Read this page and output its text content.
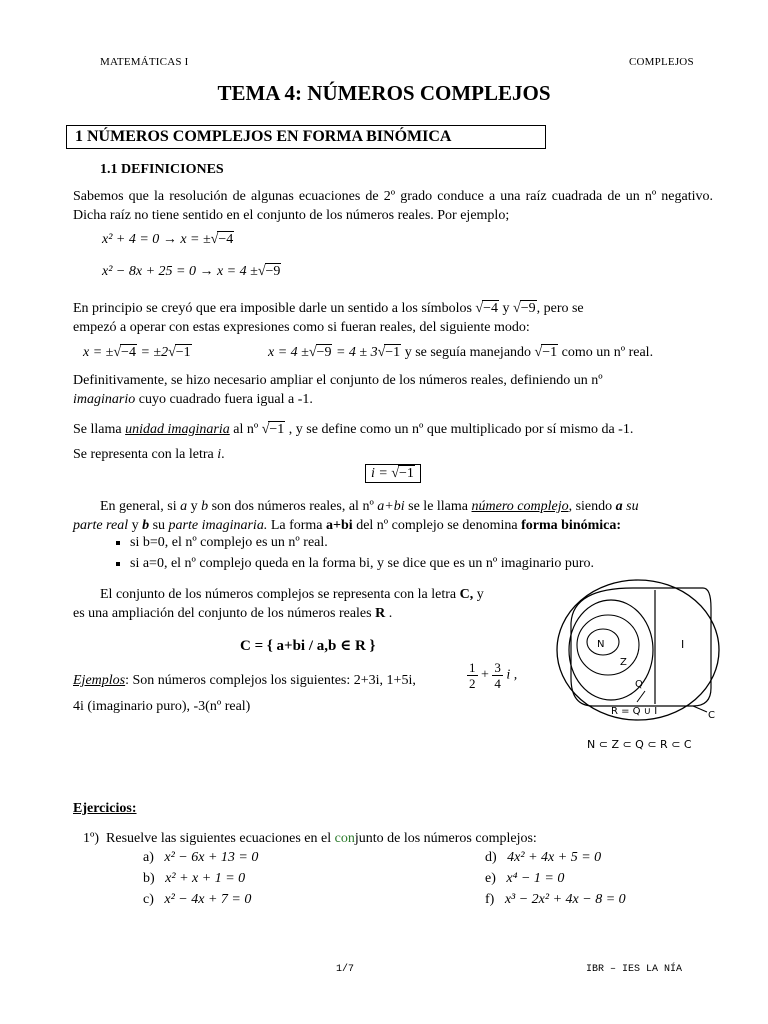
MATEMÁTICAS I	COMPLEJOS
TEMA 4: NÚMEROS COMPLEJOS
1 NÚMEROS COMPLEJOS EN FORMA BINÓMICA
1.1 DEFINICIONES
Sabemos que la resolución de algunas ecuaciones de 2º grado conduce a una raíz cuadrada de un nº negativo. Dicha raíz no tiene sentido en el conjunto de los números reales. Por ejemplo;
x² + 4 = 0 → x = ±√−4
x² − 8x + 25 = 0 → x = 4 ±√−9
En principio se creyó que era imposible darle un sentido a los símbolos √−4 y √−9, pero se
empezó a operar con estas expresiones como si fueran reales, del siguiente modo:
x = ±√−4 = ±2√−1	x = 4 ±√−9 = 4 ± 3√−1 y se seguía manejando √−1 como un nº real.
Definitivamente, se hizo necesario ampliar el conjunto de los números reales, definiendo un nº
imaginario cuyo cuadrado fuera igual a -1.
Se llama unidad imaginaria al nº √−1 , y se define como un nº que multiplicado por sí mismo da -1.
Se representa con la letra i.
i = √−1
En general, si a y b son dos números reales, al nº a+bi se le llama número complejo, siendo a su
parte real y b su parte imaginaria. La forma a+bi del nº complejo se denomina forma binómica:
▪ si b=0, el nº complejo es un nº real.
▪ si a=0, el nº complejo queda en la forma bi, y se dice que es un nº imaginario puro.
El conjunto de los números complejos se representa con la letra C, y
es una ampliación del conjunto de los números reales R .
C = { a+bi / a,b ∈ R }
Ejemplos: Son números complejos los siguientes: 2+3i, 1+5i,	$\frac{1}{2} + \frac{3}{4}$ i ,
4i (imaginario puro), -3(nº real)
N
Z
Q
I
R = Q ∪ I	C
N ⊂ Z ⊂ Q ⊂ R ⊂ C
Ejercicios:
1º) Resuelve las siguientes ecuaciones en el conjunto de los números complejos:
a) x² − 6x + 13 = 0
b) x² + x + 1 = 0
c) x² − 4x + 7 = 0
d) 4x² + 4x + 5 = 0
e) x⁴ − 1 = 0
f) x³ − 2x² + 4x − 8 = 0
1/7	IBR – IES LA NÍA
